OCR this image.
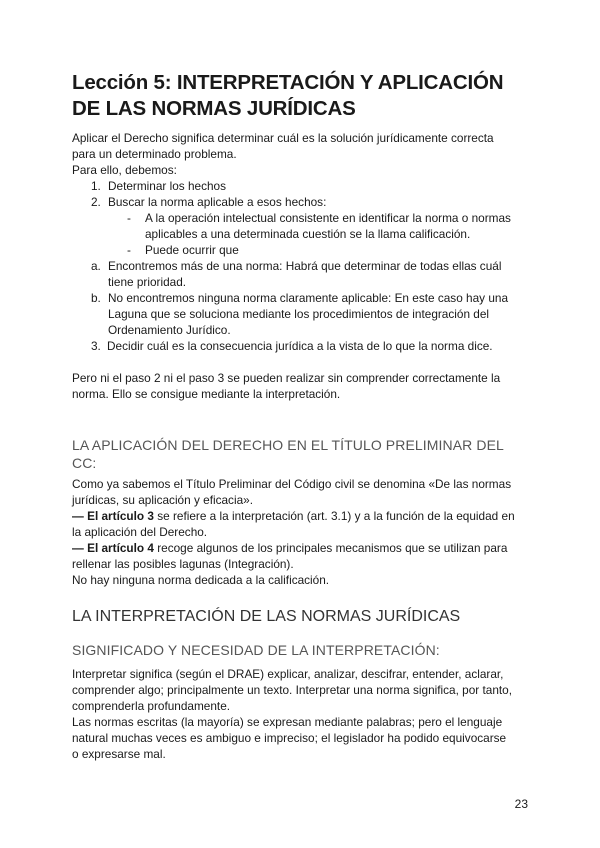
Lección 5: INTERPRETACIÓN Y APLICACIÓN
DE LAS NORMAS JURÍDICAS
Aplicar el Derecho significa determinar cuál es la solución jurídicamente correcta
para un determinado problema.
Para ello, debemos:
1. Determinar los hechos
2. Buscar la norma aplicable a esos hechos:
- A la operación intelectual consistente en identificar la norma o normas
aplicables a una determinada cuestión se la llama calificación.
- Puede ocurrir que
a. Encontremos más de una norma: Habrá que determinar de todas ellas cuál
tiene prioridad.
b. No encontremos ninguna norma claramente aplicable: En este caso hay una
Laguna que se soluciona mediante los procedimientos de integración del
Ordenamiento Jurídico.
3. Decidir cuál es la consecuencia jurídica a la vista de lo que la norma dice.
Pero ni el paso 2 ni el paso 3 se pueden realizar sin comprender correctamente la
norma. Ello se consigue mediante la interpretación.
LA APLICACIÓN DEL DERECHO EN EL TÍTULO PRELIMINAR DEL
CC:
Como ya sabemos el Título Preliminar del Código civil se denomina «De las normas
jurídicas, su aplicación y eficacia».
— El artículo 3 se refiere a la interpretación (art. 3.1) y a la función de la equidad en
la aplicación del Derecho.
— El artículo 4 recoge algunos de los principales mecanismos que se utilizan para
rellenar las posibles lagunas (Integración).
No hay ninguna norma dedicada a la calificación.
LA INTERPRETACIÓN DE LAS NORMAS JURÍDICAS
SIGNIFICADO Y NECESIDAD DE LA INTERPRETACIÓN:
Interpretar significa (según el DRAE) explicar, analizar, descifrar, entender, aclarar,
comprender algo; principalmente un texto. Interpretar una norma significa, por tanto,
comprenderla profundamente.
Las normas escritas (la mayoría) se expresan mediante palabras; pero el lenguaje
natural muchas veces es ambiguo e impreciso; el legislador ha podido equivocarse
o expresarse mal.
23
